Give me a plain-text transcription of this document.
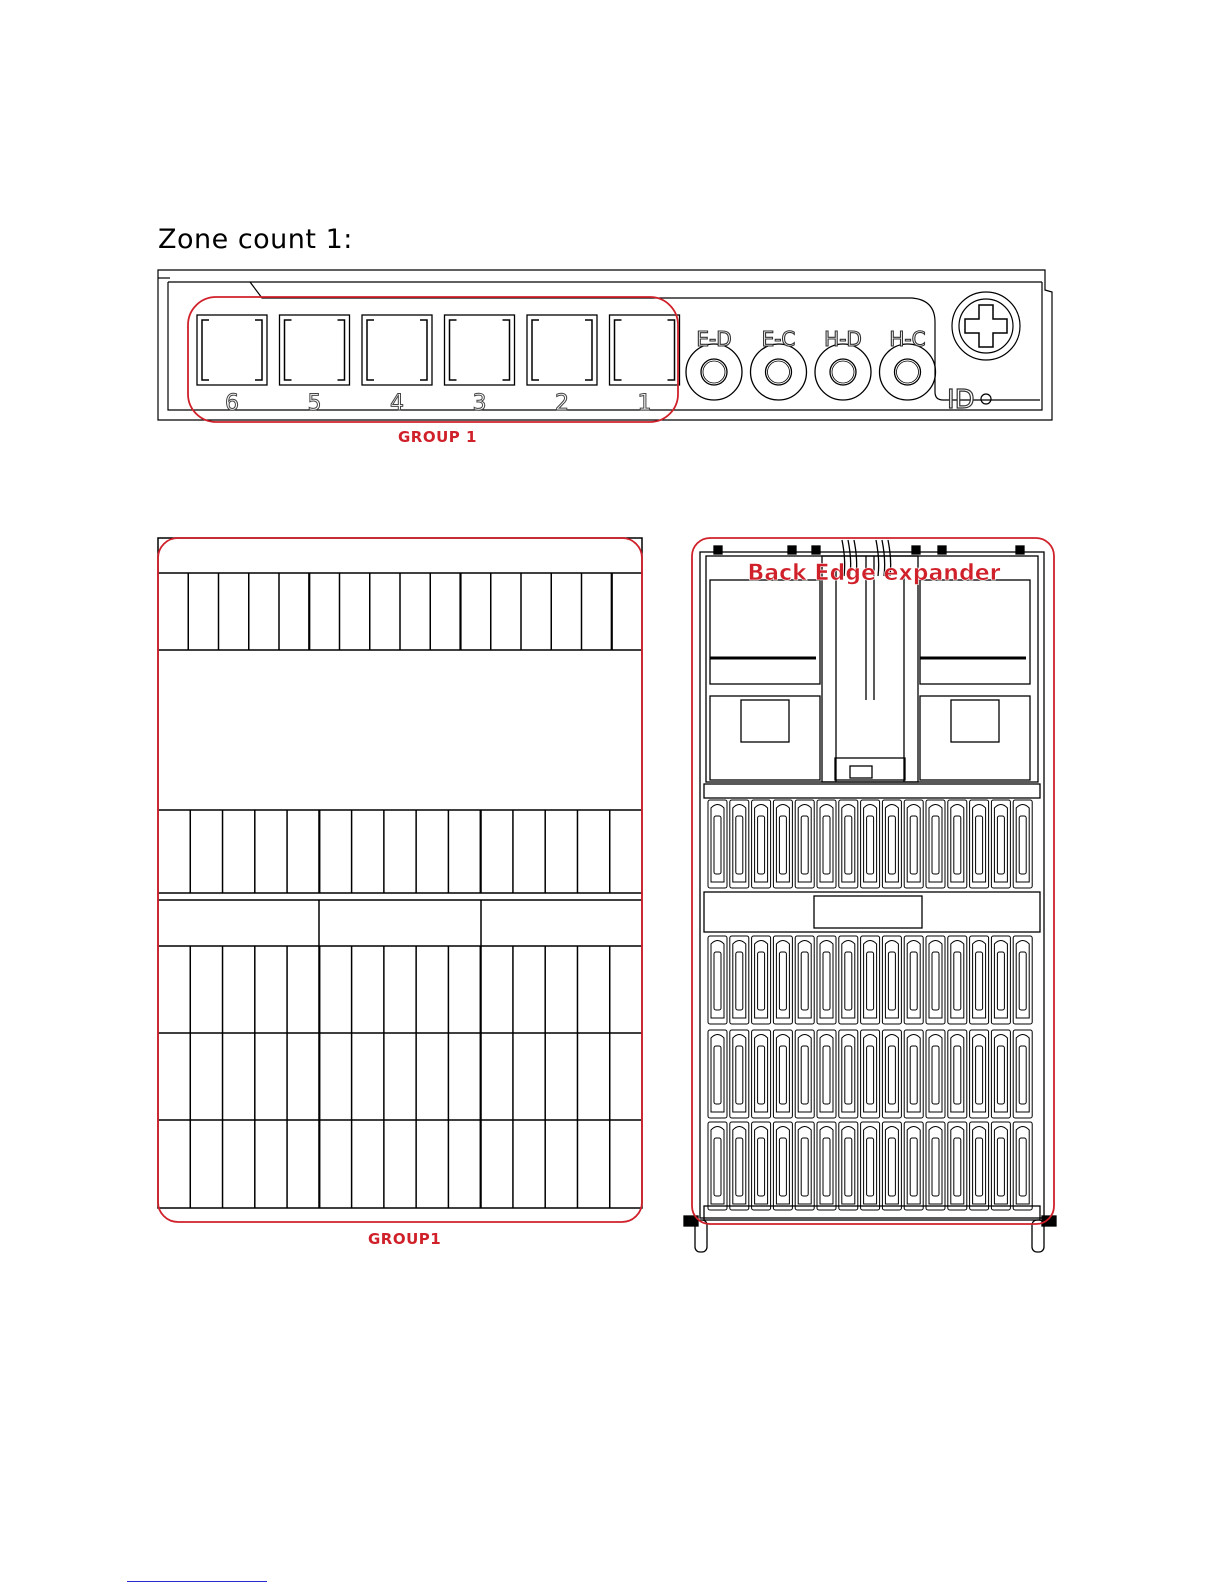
Zone count 1:
6	5	4	3	2	1
E-D E-C H-D H-C
ID
Back Edge expander
GROUP 1
GROUP1
